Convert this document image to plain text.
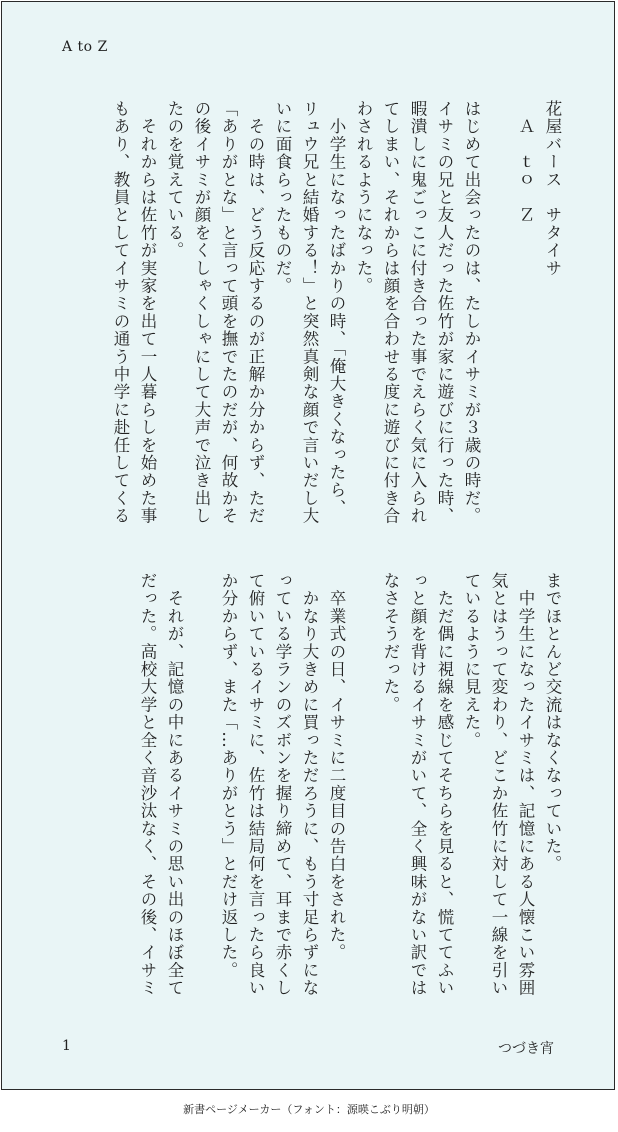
A to Z
花屋バース　サタイサ
　Ａ　ｔｏ　Ｚ

はじめて出会ったのは、たしかイサミが３歳の時だ。
イサミの兄と友人だった佐竹が家に遊びに行った時、
暇潰しに鬼ごっこに付き合った事でえらく気に入られ
てしまい、それからは顔を合わせる度に遊びに付き合
わされるようになった。
　小学生になったばかりの時、「俺大きくなったら、
リュウ兄と結婚する！」と突然真剣な顔で言いだし大
いに面食らったものだ。
　その時は、どう反応するのが正解か分からず、ただ
「ありがとな」と言って頭を撫でたのだが、何故かそ
の後イサミが顔をくしゃくしゃにして大声で泣き出し
たのを覚えている。
　それからは佐竹が実家を出て一人暮らしを始めた事
もあり、教員としてイサミの通う中学に赴任してくる
までほとんど交流はなくなっていた。
　中学生になったイサミは、記憶にある人懐こい雰囲
気とはうって変わり、どこか佐竹に対して一線を引い
ているように見えた。
　ただ偶に視線を感じてそちらを見ると、慌ててふい
っと顔を背けるイサミがいて、全く興味がない訳では
なさそうだった。

　卒業式の日、イサミに二度目の告白をされた。
　かなり大きめに買っただろうに、もう寸足らずにな
っている学ランのズボンを握り締めて、耳まで赤くし
て俯いているイサミに、佐竹は結局何を言ったら良い
か分からず、また「…ありがとう」とだけ返した。

　それが、記憶の中にあるイサミの思い出のほぼ全て
だった。高校大学と全く音沙汰なく、その後、イサミ
1	つづき宵
新書ページメーカー（フォント：源暎こぶり明朝）
